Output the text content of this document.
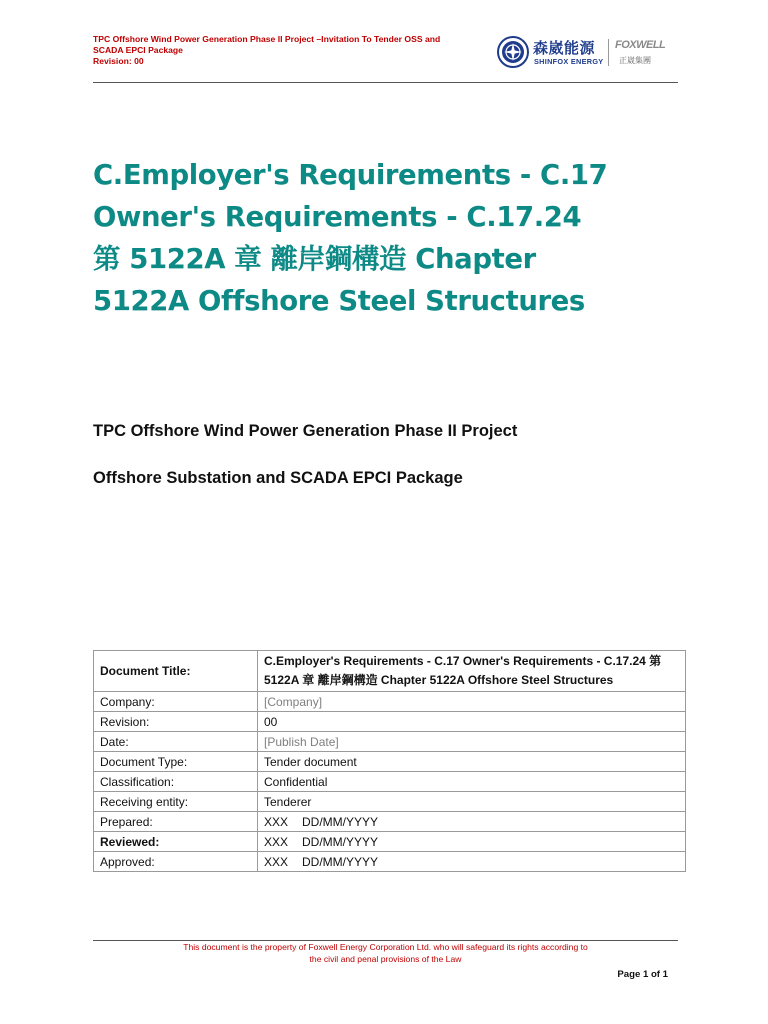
TPC Offshore Wind Power Generation Phase II Project –Invitation To Tender OSS and
SCADA EPCI Package
Revision: 00
森崴能源
SHINFOX ENERGY
FOXWELL
正崴集團
C.Employer's Requirements - C.17
Owner's Requirements - C.17.24
第 5122A 章 離岸鋼構造 Chapter
5122A Offshore Steel Structures
TPC Offshore Wind Power Generation Phase II Project
Offshore Substation and SCADA EPCI Package
Document Title:	C.Employer's Requirements - C.17 Owner's Requirements - C.17.24 第
5122A 章 離岸鋼構造 Chapter 5122A Offshore Steel Structures

Company:	[Company]
Revision:	00
Date:	[Publish Date]
Document Type:	Tender document
Classification:	Confidential
Receiving entity:	Tenderer
Prepared:	XXX DD/MM/YYYY
Reviewed:	XXX DD/MM/YYYY
Approved:	XXX DD/MM/YYYY
This document is the property of Foxwell Energy Corporation Ltd. who will safeguard its rights according to
the civil and penal provisions of the Law
Page 1 of 1
